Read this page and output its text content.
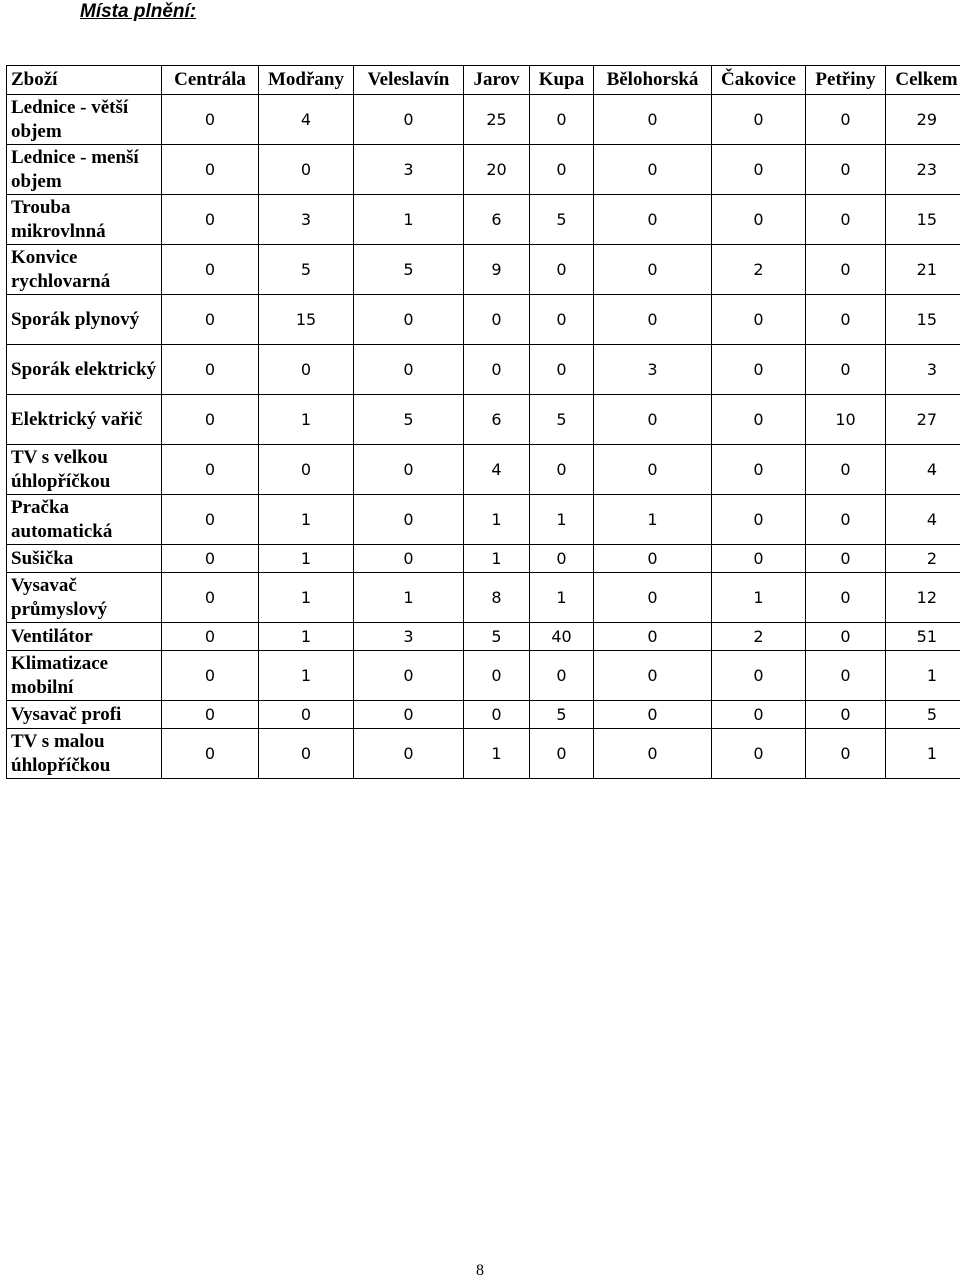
Místa plnění:
Zboží	Centrála	Modřany	Veleslavín	Jarov	Kupa	Bělohorská	Čakovice	Petřiny	Celkem
Lednice - větší objem	0	4	0	25	0	0	0	0	29
Lednice - menší objem	0	0	3	20	0	0	0	0	23
Trouba mikrovlnná	0	3	1	6	5	0	0	0	15
Konvice rychlovarná	0	5	5	9	0	0	2	0	21
Sporák plynový	0	15	0	0	0	0	0	0	15
Sporák elektrický	0	0	0	0	0	3	0	0	3
Elektrický vařič	0	1	5	6	5	0	0	10	27
TV s velkou úhlopříčkou	0	0	0	4	0	0	0	0	4
Pračka automatická	0	1	0	1	1	1	0	0	4
Sušička	0	1	0	1	0	0	0	0	2
Vysavač průmyslový	0	1	1	8	1	0	1	0	12
Ventilátor	0	1	3	5	40	0	2	0	51
Klimatizace mobilní	0	1	0	0	0	0	0	0	1
Vysavač profi	0	0	0	0	5	0	0	0	5
TV s malou úhlopříčkou	0	0	0	1	0	0	0	0	1
8
